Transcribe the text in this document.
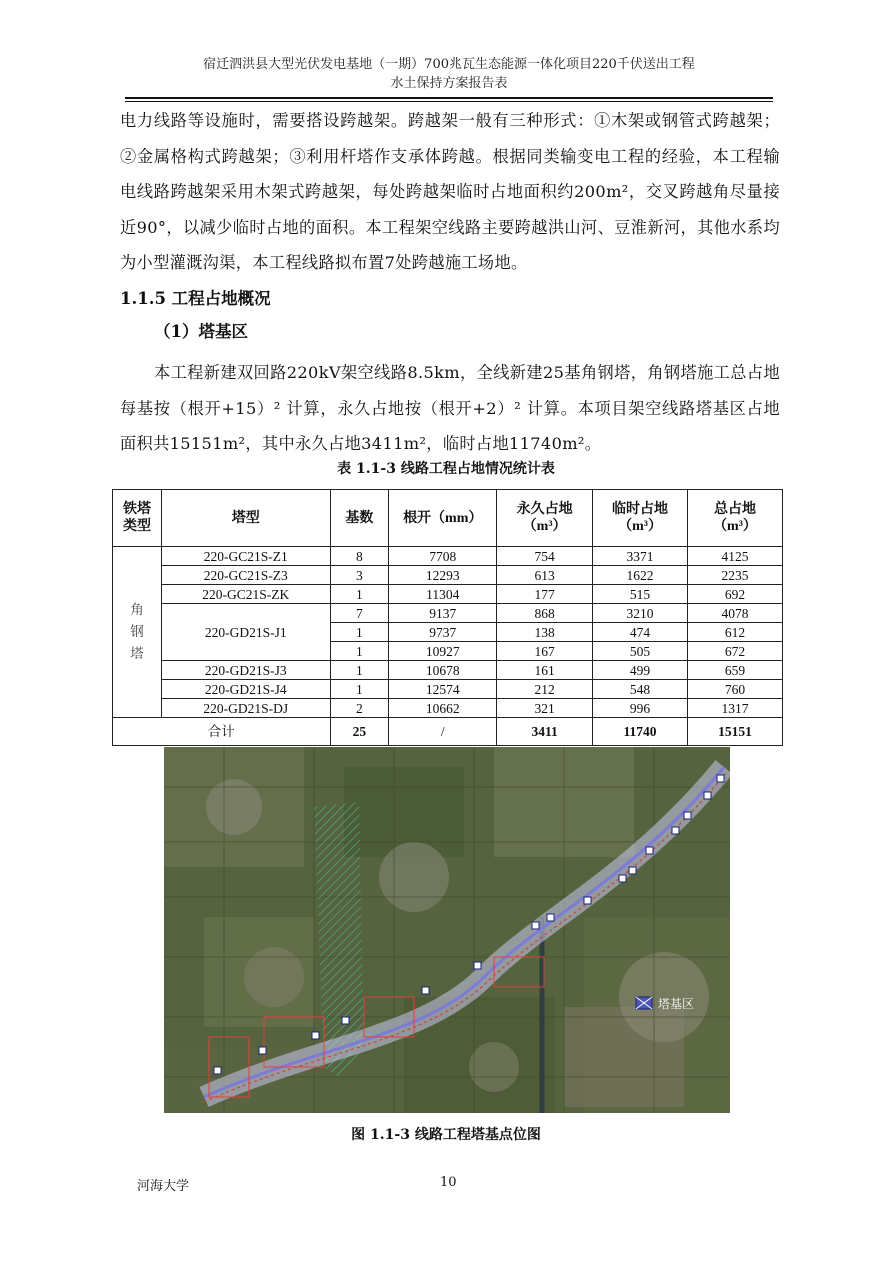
宿迁泗洪县大型光伏发电基地（一期）700兆瓦生态能源一体化项目220千伏送出工程
水土保持方案报告表
电力线路等设施时，需要搭设跨越架。跨越架一般有三种形式：①木架或钢管式跨越架；②金属格构式跨越架；③利用杆塔作支承体跨越。根据同类输变电工程的经验，本工程输电线路跨越架采用木架式跨越架，每处跨越架临时占地面积约200m²，交叉跨越角尽量接近90°，以减少临时占地的面积。本工程架空线路主要跨越洪山河、豆淮新河，其他水系均为小型灌溉沟渠，本工程线路拟布置7处跨越施工场地。
1.1.5 工程占地概况
（1）塔基区
本工程新建双回路220kV架空线路8.5km，全线新建25基角钢塔，角钢塔施工总占地每基按（根开+15）² 计算，永久占地按（根开+2）² 计算。本项目架空线路塔基区占地面积共15151m²，其中永久占地3411m²，临时占地11740m²。
表 1.1-3 线路工程占地情况统计表
铁塔类型	塔型	基数	根开（mm）	永久占地（m³）	临时占地（m³）	总占地（m³）
角钢塔	220-GC21S-Z1	8	7708	754	3371	4125
	220-GC21S-Z3	3	12293	613	1622	2235
	220-GC21S-ZK	1	11304	177	515	692
	220-GD21S-J1	7	9137	868	3210	4078
		1	9737	138	474	612
		1	10927	167	505	672
	220-GD21S-J3	1	10678	161	499	659
	220-GD21S-J4	1	12574	212	548	760
	220-GD21S-DJ	2	10662	321	996	1317
合计		25	/	3411	11740	15151
塔基区
图 1.1-3 线路工程塔基点位图
河海大学	10
